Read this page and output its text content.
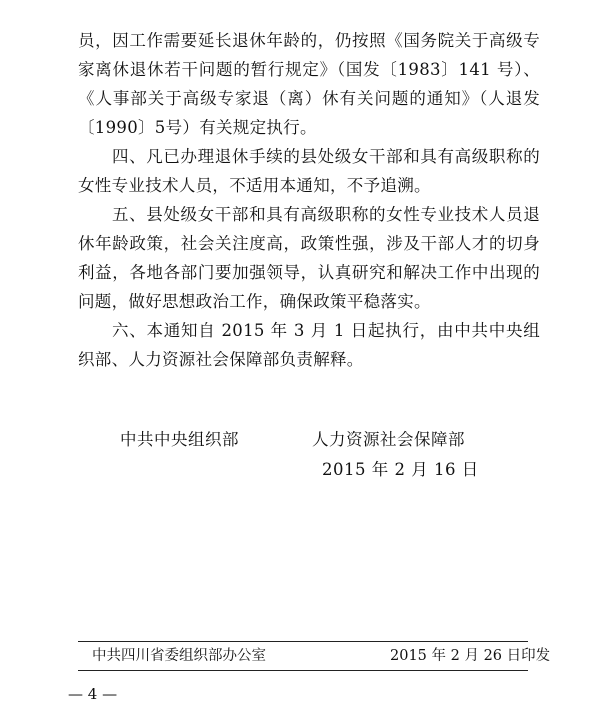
员，因工作需要延长退休年龄的，仍按照《国务院关于高级专家离休退休若干问题的暂行规定》（国发〔1983〕141 号）、《人事部关于高级专家退（离）休有关问题的通知》（人退发〔1990〕5号）有关规定执行。

四、凡已办理退休手续的县处级女干部和具有高级职称的女性专业技术人员，不适用本通知，不予追溯。

五、县处级女干部和具有高级职称的女性专业技术人员退休年龄政策，社会关注度高，政策性强，涉及干部人才的切身利益，各地各部门要加强领导，认真研究和解决工作中出现的问题，做好思想政治工作，确保政策平稳落实。

六、本通知自 2015 年 3 月 1 日起执行，由中共中央组织部、人力资源社会保障部负责解释。

中共中央组织部	人力资源社会保障部
2015 年 2 月 16 日
中共四川省委组织部办公室	2015 年 2 月 26 日印发
— 4 —
